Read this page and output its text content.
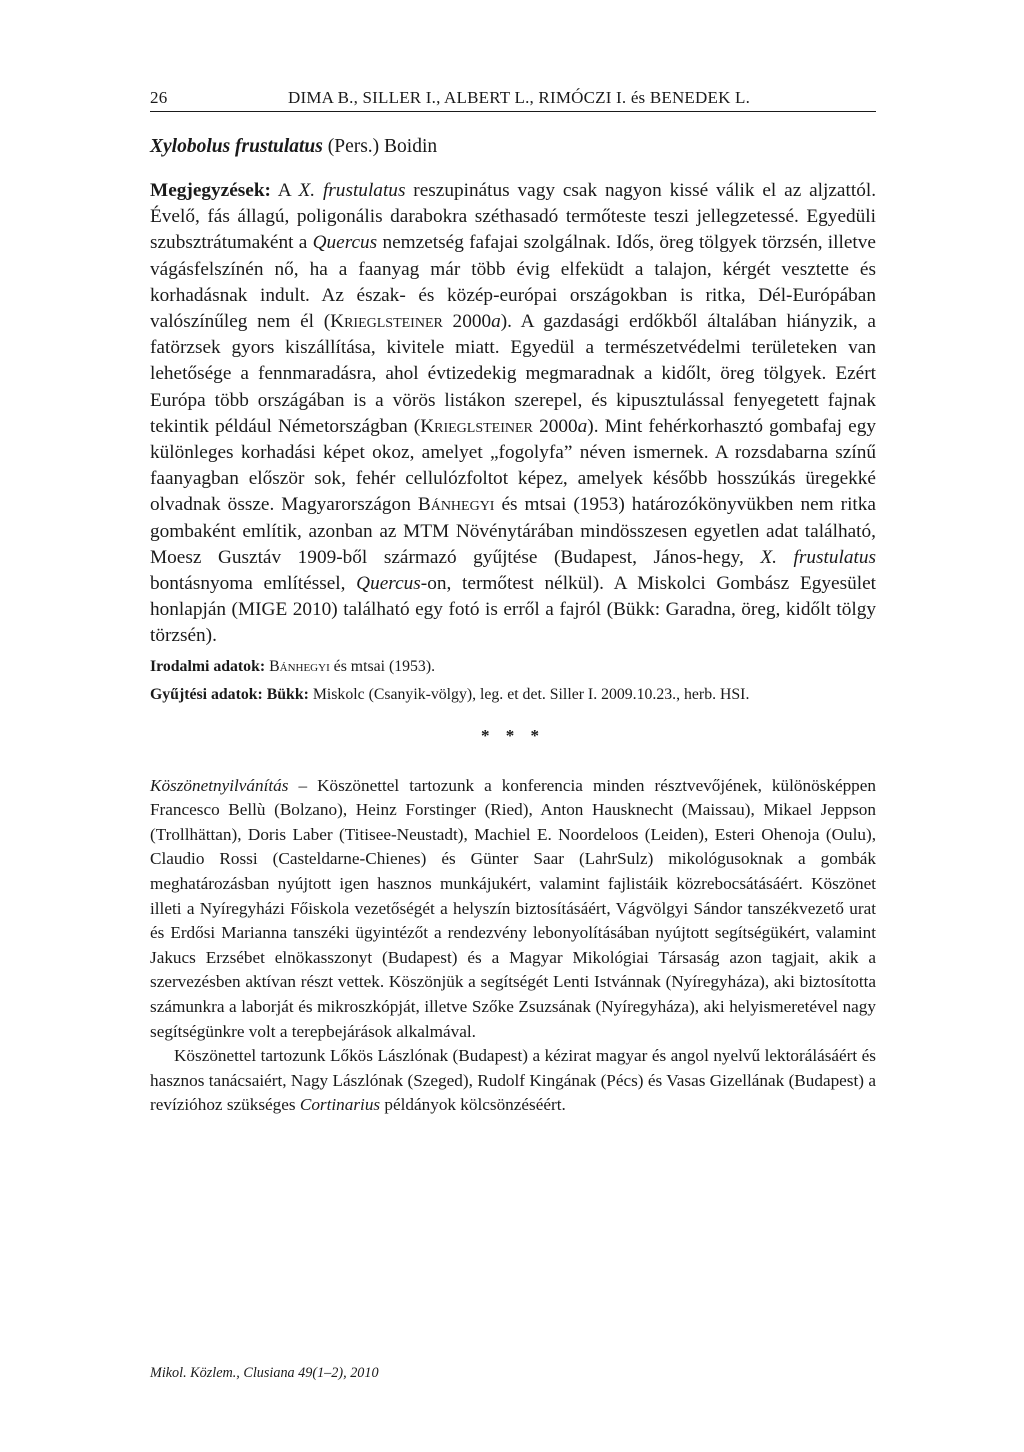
26	DIMA B., SILLER I., ALBERT L., RIMÓCZI I. és BENEDEK L.
Xylobolus frustulatus (Pers.) Boidin
Megjegyzések: A X. frustulatus reszupinátus vagy csak nagyon kissé válik el az aljzattól. Évelő, fás állagú, poligonális darabokra széthasadó termőteste teszi jellegzetessé. Egyedüli szubsztrátumaként a Quercus nemzetség fafajai szolgálnak. Idős, öreg tölgyek törzsén, illetve vágásfelszínén nő, ha a faanyag már több évig elfeküdt a talajon, kérgét vesztette és korhadásnak indult. Az észak- és közép-európai országokban is ritka, Dél-Európában valószínűleg nem él (Krieglsteiner 2000a). A gazdasági erdőkből általában hiányzik, a fatörzsek gyors kiszállítása, kivitele miatt. Egyedül a természetvédelmi területeken van lehetősége a fennmaradásra, ahol évtizedekig megmaradnak a kidőlt, öreg tölgyek. Ezért Európa több országában is a vörös listákon szerepel, és kipusztulással fenyegetett fajnak tekintik például Németországban (Krieglsteiner 2000a). Mint fehérkorhasztó gombafaj egy különleges korhadási képet okoz, amelyet „fogolyfa” néven ismernek. A rozsdabarna színű faanyagban először sok, fehér cellulózfoltot képez, amelyek később hosszúkás üregekké olvadnak össze. Magyarországon Bánhegyi és mtsai (1953) határozókönyvükben nem ritka gombaként említik, azonban az MTM Növénytárában mindösszesen egyetlen adat található, Moesz Gusztáv 1909-ből származó gyűjtése (Budapest, János-hegy, X. frustulatus bontásnyoma említéssel, Quercus-on, termőtest nélkül). A Miskolci Gombász Egyesület honlapján (MIGE 2010) található egy fotó is erről a fajról (Bükk: Garadna, öreg, kidőlt tölgy törzsén).
Irodalmi adatok: Bánhegyi és mtsai (1953).
Gyűjtési adatok: Bükk: Miskolc (Csanyik-völgy), leg. et det. Siller I. 2009.10.23., herb. HSI.
* * *

Köszönetnyilvánítás – Köszönettel tartozunk a konferencia minden résztvevőjének, különösképpen Francesco Bellù (Bolzano), Heinz Forstinger (Ried), Anton Hausknecht (Maissau), Mikael Jeppson (Trollhättan), Doris Laber (Titisee-Neustadt), Machiel E. Noordeloos (Leiden), Esteri Ohenoja (Oulu), Claudio Rossi (Casteldarne-Chienes) és Günter Saar (LahrSulz) mikológusoknak a gombák meghatározásban nyújtott igen hasznos munkájukért, valamint fajlistáik közrebocsátásáért. Köszönet illeti a Nyíregyházi Főiskola vezetőségét a helyszín biztosításáért, Vágvölgyi Sándor tanszékvezető urat és Erdősi Marianna tanszéki ügyintézőt a rendezvény lebonyolításában nyújtott segítségükért, valamint Jakucs Erzsébet elnökasszonyt (Budapest) és a Magyar Mikológiai Társaság azon tagjait, akik a szervezésben aktívan részt vettek. Köszönjük a segítségét Lenti Istvánnak (Nyíregyháza), aki biztosította számunkra a laborját és mikroszkópját, illetve Szőke Zsuzsának (Nyíregyháza), aki helyismeretével nagy segítségünkre volt a terepbejárások alkalmával.

Köszönettel tartozunk Lőkös Lászlónak (Budapest) a kézirat magyar és angol nyelvű lektorálásáért és hasznos tanácsaiért, Nagy Lászlónak (Szeged), Rudolf Kingának (Pécs) és Vasas Gizellának (Budapest) a revízióhoz szükséges Cortinarius példányok kölcsönzéséért.

Mikol. Közlem., Clusiana 49(1–2), 2010
